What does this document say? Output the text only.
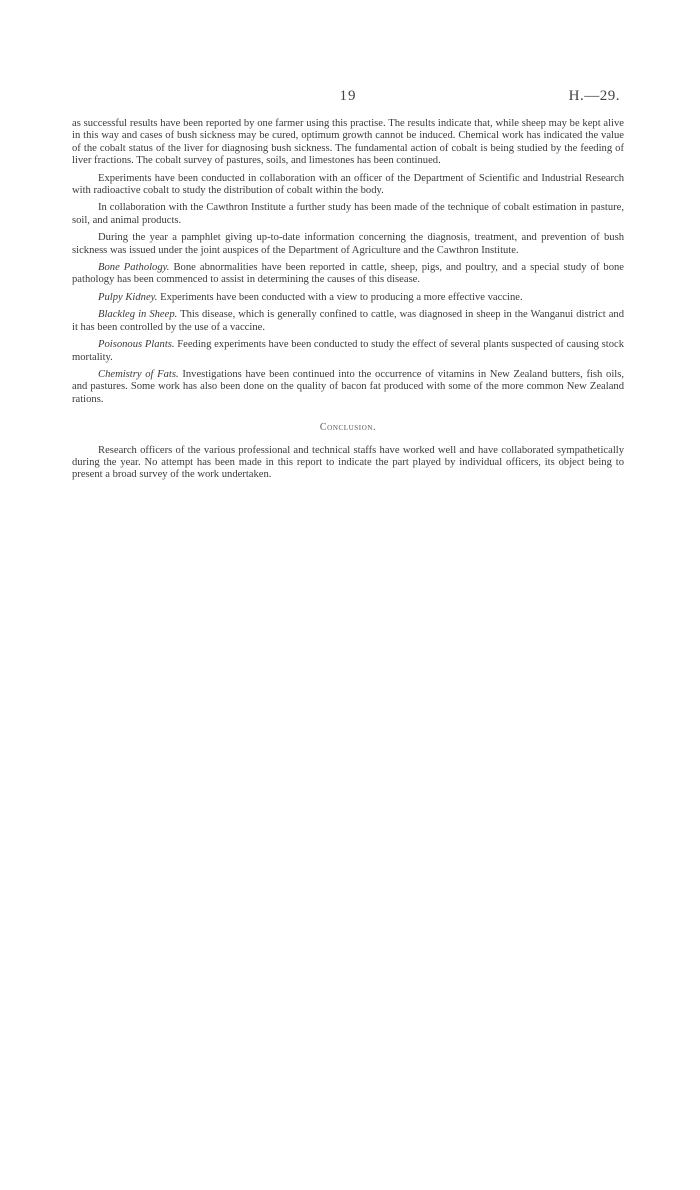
19	H.—29.

as successful results have been reported by one farmer using this practise. The results indicate that, while sheep may be kept alive in this way and cases of bush sickness may be cured, optimum growth cannot be induced. Chemical work has indicated the value of the cobalt status of the liver for diagnosing bush sickness. The fundamental action of cobalt is being studied by the feeding of liver fractions. The cobalt survey of pastures, soils, and limestones has been continued.

Experiments have been conducted in collaboration with an officer of the Department of Scientific and Industrial Research with radioactive cobalt to study the distribution of cobalt within the body.

In collaboration with the Cawthron Institute a further study has been made of the technique of cobalt estimation in pasture, soil, and animal products.

During the year a pamphlet giving up-to-date information concerning the diagnosis, treatment, and prevention of bush sickness was issued under the joint auspices of the Department of Agriculture and the Cawthron Institute.

Bone Pathology. Bone abnormalities have been reported in cattle, sheep, pigs, and poultry, and a special study of bone pathology has been commenced to assist in determining the causes of this disease.

Pulpy Kidney. Experiments have been conducted with a view to producing a more effective vaccine.

Blackleg in Sheep. This disease, which is generally confined to cattle, was diagnosed in sheep in the Wanganui district and it has been controlled by the use of a vaccine.

Poisonous Plants. Feeding experiments have been conducted to study the effect of several plants suspected of causing stock mortality.

Chemistry of Fats. Investigations have been continued into the occurrence of vitamins in New Zealand butters, fish oils, and pastures. Some work has also been done on the quality of bacon fat produced with some of the more common New Zealand rations.

Conclusion.

Research officers of the various professional and technical staffs have worked well and have collaborated sympathetically during the year. No attempt has been made in this report to indicate the part played by individual officers, its object being to present a broad survey of the work undertaken.
